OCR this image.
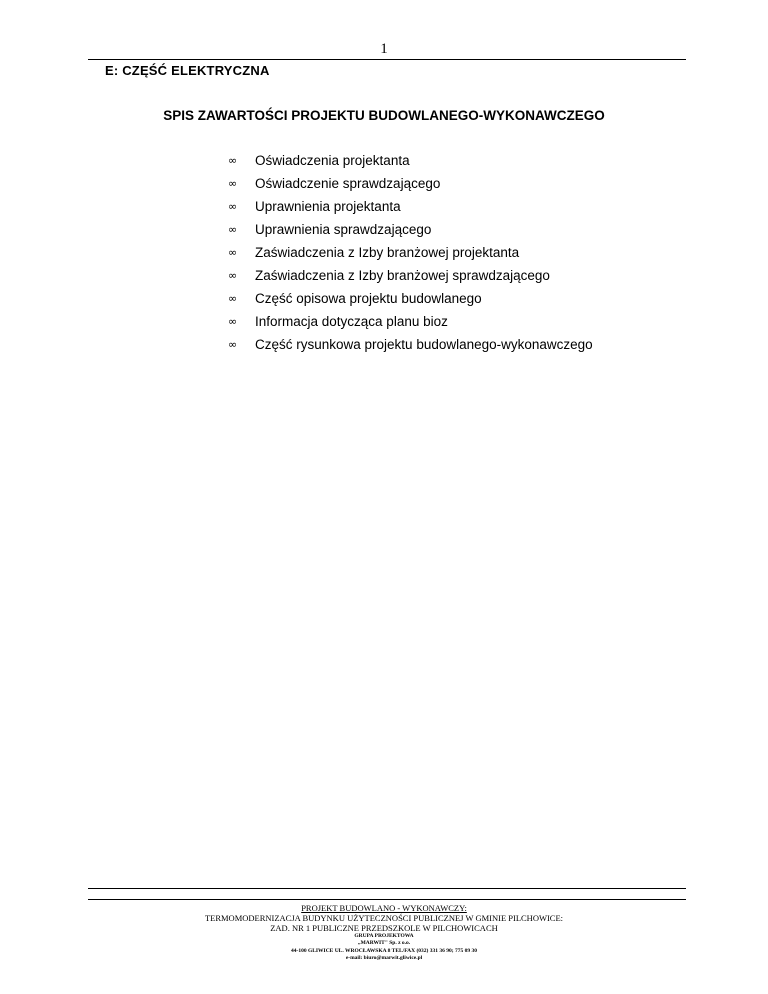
1
E: CZĘŚĆ ELEKTRYCZNA
SPIS ZAWARTOŚCI PROJEKTU BUDOWLANEGO-WYKONAWCZEGO
∞	Oświadczenia projektanta
∞	Oświadczenie sprawdzającego
∞	Uprawnienia projektanta
∞	Uprawnienia sprawdzającego
∞	Zaświadczenia z Izby branżowej projektanta
∞	Zaświadczenia z Izby branżowej sprawdzającego
∞	Część opisowa projektu budowlanego
∞	Informacja dotycząca planu bioz
∞	Część rysunkowa projektu budowlanego-wykonawczego
PROJEKT BUDOWLANO - WYKONAWCZY:
TERMOMODERNIZACJA BUDYNKU UŻYTECZNOŚCI PUBLICZNEJ W GMINIE PILCHOWICE:
ZAD. NR 1 PUBLICZNE PRZEDSZKOLE W PILCHOWICACH
GRUPA PROJEKTOWA
„MARWIT" Sp. z o.o.
44-100 GLIWICE UL. WROCŁAWSKA 8 TEL/FAX (032) 331 36 90; 775 09 30
e-mail: biuro@marwit.gliwice.pl
